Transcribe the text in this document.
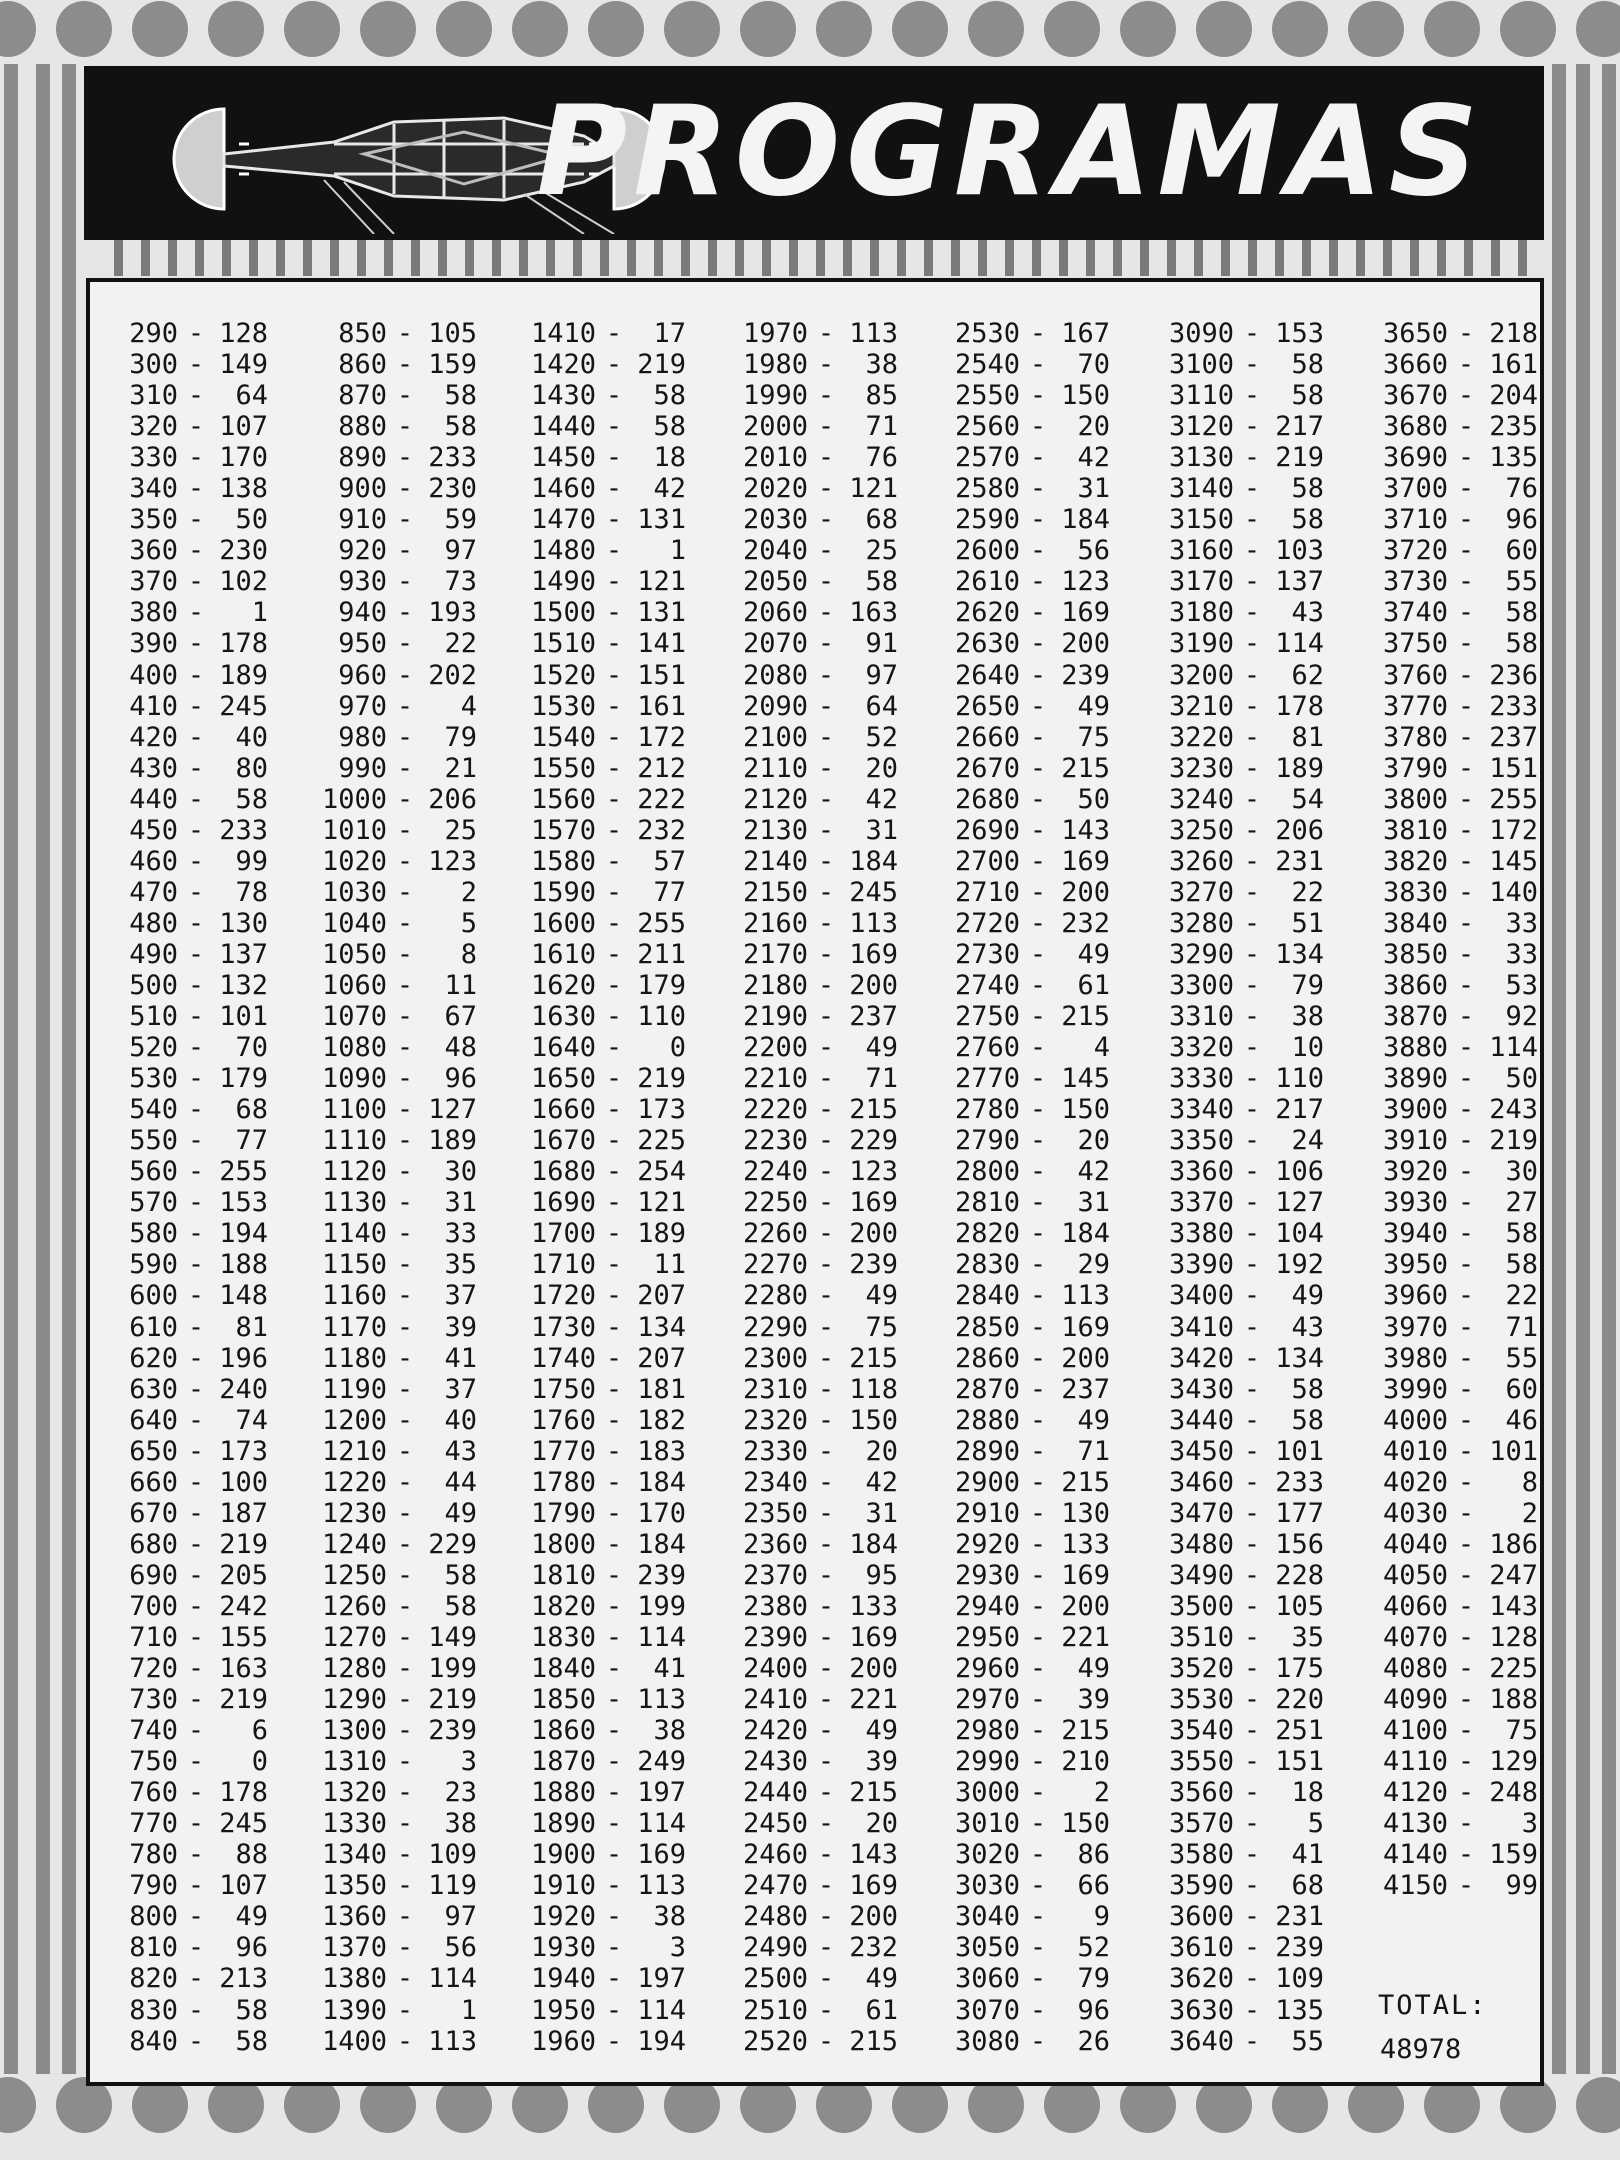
PROGRAMAS
290 - 128
300 - 149
310 - 64
320 - 107
330 - 170
340 - 138
350 - 50
360 - 230
370 - 102
380 - 1
390 - 178
400 - 189
410 - 245
420 - 40
430 - 80
440 - 58
450 - 233
460 - 99
470 - 78
480 - 130
490 - 137
500 - 132
510 - 101
520 - 70
530 - 179
540 - 68
550 - 77
560 - 255
570 - 153
580 - 194
590 - 188
600 - 148
610 - 81
620 - 196
630 - 240
640 - 74
650 - 173
660 - 100
670 - 187
680 - 219
690 - 205
700 - 242
710 - 155
720 - 163
730 - 219
740 - 6
750 - 0
760 - 178
770 - 245
780 - 88
790 - 107
800 - 49
810 - 96
820 - 213
830 - 58
840 - 58
850 - 105
860 - 159
870 - 58
880 - 58
890 - 233
900 - 230
910 - 59
920 - 97
930 - 73
940 - 193
950 - 22
960 - 202
970 - 4
980 - 79
990 - 21
1000 - 206
1010 - 25
1020 - 123
1030 - 2
1040 - 5
1050 - 8
1060 - 11
1070 - 67
1080 - 48
1090 - 96
1100 - 127
1110 - 189
1120 - 30
1130 - 31
1140 - 33
1150 - 35
1160 - 37
1170 - 39
1180 - 41
1190 - 37
1200 - 40
1210 - 43
1220 - 44
1230 - 49
1240 - 229
1250 - 58
1260 - 58
1270 - 149
1280 - 199
1290 - 219
1300 - 239
1310 - 3
1320 - 23
1330 - 38
1340 - 109
1350 - 119
1360 - 97
1370 - 56
1380 - 114
1390 - 1
1400 - 113
1410 - 17
1420 - 219
1430 - 58
1440 - 58
1450 - 18
1460 - 42
1470 - 131
1480 - 1
1490 - 121
1500 - 131
1510 - 141
1520 - 151
1530 - 161
1540 - 172
1550 - 212
1560 - 222
1570 - 232
1580 - 57
1590 - 77
1600 - 255
1610 - 211
1620 - 179
1630 - 110
1640 - 0
1650 - 219
1660 - 173
1670 - 225
1680 - 254
1690 - 121
1700 - 189
1710 - 11
1720 - 207
1730 - 134
1740 - 207
1750 - 181
1760 - 182
1770 - 183
1780 - 184
1790 - 170
1800 - 184
1810 - 239
1820 - 199
1830 - 114
1840 - 41
1850 - 113
1860 - 38
1870 - 249
1880 - 197
1890 - 114
1900 - 169
1910 - 113
1920 - 38
1930 - 3
1940 - 197
1950 - 114
1960 - 194
1970 - 113
1980 - 38
1990 - 85
2000 - 71
2010 - 76
2020 - 121
2030 - 68
2040 - 25
2050 - 58
2060 - 163
2070 - 91
2080 - 97
2090 - 64
2100 - 52
2110 - 20
2120 - 42
2130 - 31
2140 - 184
2150 - 245
2160 - 113
2170 - 169
2180 - 200
2190 - 237
2200 - 49
2210 - 71
2220 - 215
2230 - 229
2240 - 123
2250 - 169
2260 - 200
2270 - 239
2280 - 49
2290 - 75
2300 - 215
2310 - 118
2320 - 150
2330 - 20
2340 - 42
2350 - 31
2360 - 184
2370 - 95
2380 - 133
2390 - 169
2400 - 200
2410 - 221
2420 - 49
2430 - 39
2440 - 215
2450 - 20
2460 - 143
2470 - 169
2480 - 200
2490 - 232
2500 - 49
2510 - 61
2520 - 215
2530 - 167
2540 - 70
2550 - 150
2560 - 20
2570 - 42
2580 - 31
2590 - 184
2600 - 56
2610 - 123
2620 - 169
2630 - 200
2640 - 239
2650 - 49
2660 - 75
2670 - 215
2680 - 50
2690 - 143
2700 - 169
2710 - 200
2720 - 232
2730 - 49
2740 - 61
2750 - 215
2760 - 4
2770 - 145
2780 - 150
2790 - 20
2800 - 42
2810 - 31
2820 - 184
2830 - 29
2840 - 113
2850 - 169
2860 - 200
2870 - 237
2880 - 49
2890 - 71
2900 - 215
2910 - 130
2920 - 133
2930 - 169
2940 - 200
2950 - 221
2960 - 49
2970 - 39
2980 - 215
2990 - 210
3000 - 2
3010 - 150
3020 - 86
3030 - 66
3040 - 9
3050 - 52
3060 - 79
3070 - 96
3080 - 26
3090 - 153
3100 - 58
3110 - 58
3120 - 217
3130 - 219
3140 - 58
3150 - 58
3160 - 103
3170 - 137
3180 - 43
3190 - 114
3200 - 62
3210 - 178
3220 - 81
3230 - 189
3240 - 54
3250 - 206
3260 - 231
3270 - 22
3280 - 51
3290 - 134
3300 - 79
3310 - 38
3320 - 10
3330 - 110
3340 - 217
3350 - 24
3360 - 106
3370 - 127
3380 - 104
3390 - 192
3400 - 49
3410 - 43
3420 - 134
3430 - 58
3440 - 58
3450 - 101
3460 - 233
3470 - 177
3480 - 156
3490 - 228
3500 - 105
3510 - 35
3520 - 175
3530 - 220
3540 - 251
3550 - 151
3560 - 18
3570 - 5
3580 - 41
3590 - 68
3600 - 231
3610 - 239
3620 - 109
3630 - 135
3640 - 55
3650 - 218
3660 - 161
3670 - 204
3680 - 235
3690 - 135
3700 - 76
3710 - 96
3720 - 60
3730 - 55
3740 - 58
3750 - 58
3760 - 236
3770 - 233
3780 - 237
3790 - 151
3800 - 255
3810 - 172
3820 - 145
3830 - 140
3840 - 33
3850 - 33
3860 - 53
3870 - 92
3880 - 114
3890 - 50
3900 - 243
3910 - 219
3920 - 30
3930 - 27
3940 - 58
3950 - 58
3960 - 22
3970 - 71
3980 - 55
3990 - 60
4000 - 46
4010 - 101
4020 - 8
4030 - 2
4040 - 186
4050 - 247
4060 - 143
4070 - 128
4080 - 225
4090 - 188
4100 - 75
4110 - 129
4120 - 248
4130 - 3
4140 - 159
4150 - 99
TOTAL:
48978
